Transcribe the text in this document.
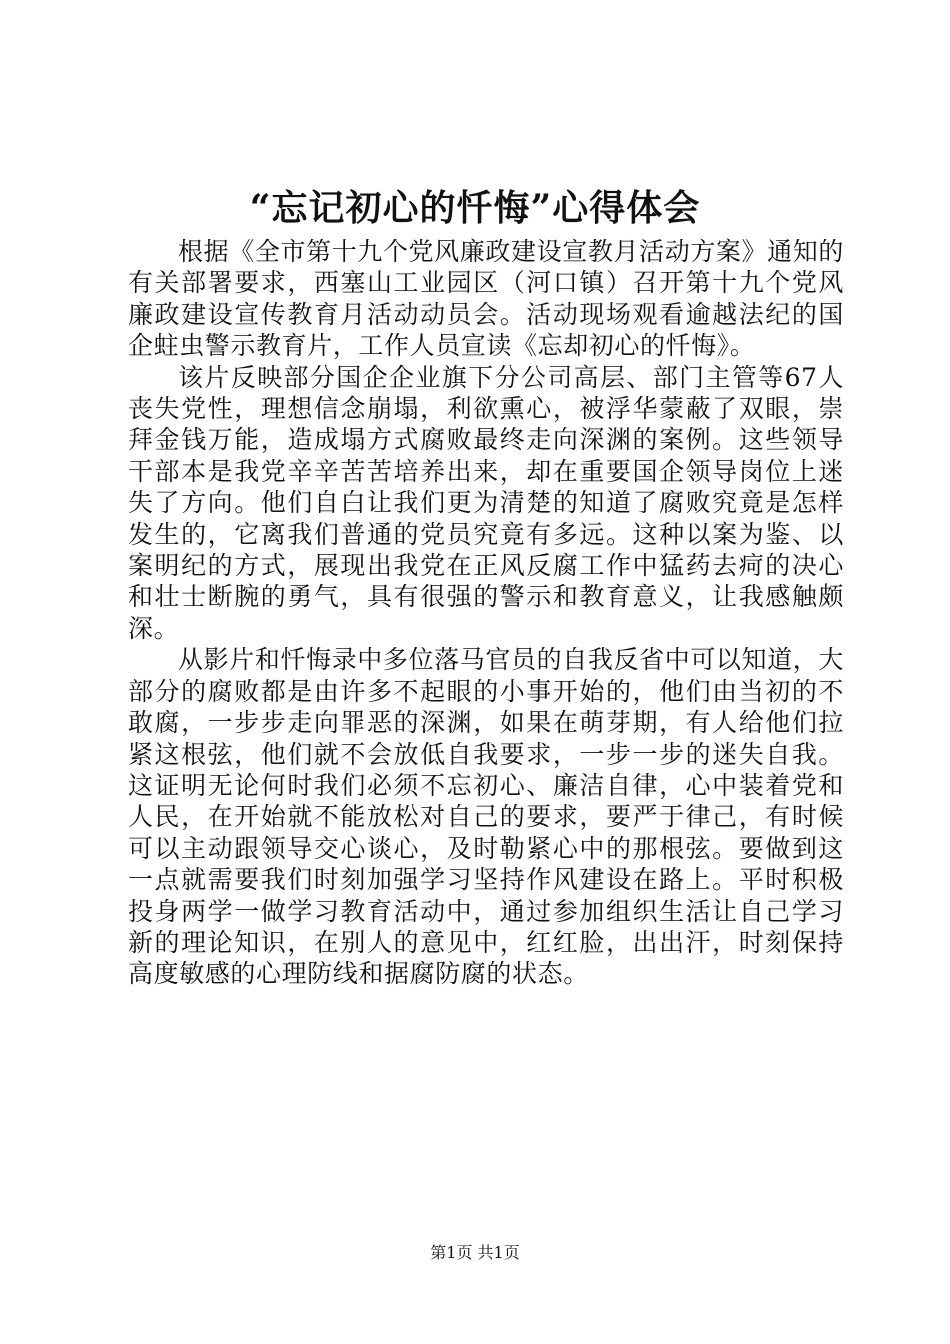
“忘记初心的忏悔”心得体会

根据《全市第十九个党风廉政建设宣教月活动方案》通知的有关部署要求，西塞山工业园区（河口镇）召开第十九个党风廉政建设宣传教育月活动动员会。活动现场观看逾越法纪的国企蛀虫警示教育片，工作人员宣读《忘却初心的忏悔》。

该片反映部分国企企业旗下分公司高层、部门主管等67人丧失党性，理想信念崩塌，利欲熏心，被浮华蒙蔽了双眼，崇拜金钱万能，造成塌方式腐败最终走向深渊的案例。这些领导干部本是我党辛辛苦苦培养出来，却在重要国企领导岗位上迷失了方向。他们自白让我们更为清楚的知道了腐败究竟是怎样发生的，它离我们普通的党员究竟有多远。这种以案为鉴、以案明纪的方式，展现出我党在正风反腐工作中猛药去疴的决心和壮士断腕的勇气，具有很强的警示和教育意义，让我感触颇深。

从影片和忏悔录中多位落马官员的自我反省中可以知道，大部分的腐败都是由许多不起眼的小事开始的，他们由当初的不敢腐，一步步走向罪恶的深渊，如果在萌芽期，有人给他们拉紧这根弦，他们就不会放低自我要求，一步一步的迷失自我。这证明无论何时我们必须不忘初心、廉洁自律，心中装着党和人民，在开始就不能放松对自己的要求，要严于律己，有时候可以主动跟领导交心谈心，及时勒紧心中的那根弦。要做到这一点就需要我们时刻加强学习坚持作风建设在路上。平时积极投身两学一做学习教育活动中，通过参加组织生活让自己学习新的理论知识，在别人的意见中，红红脸，出出汗，时刻保持高度敏感的心理防线和据腐防腐的状态。

第1页 共1页
